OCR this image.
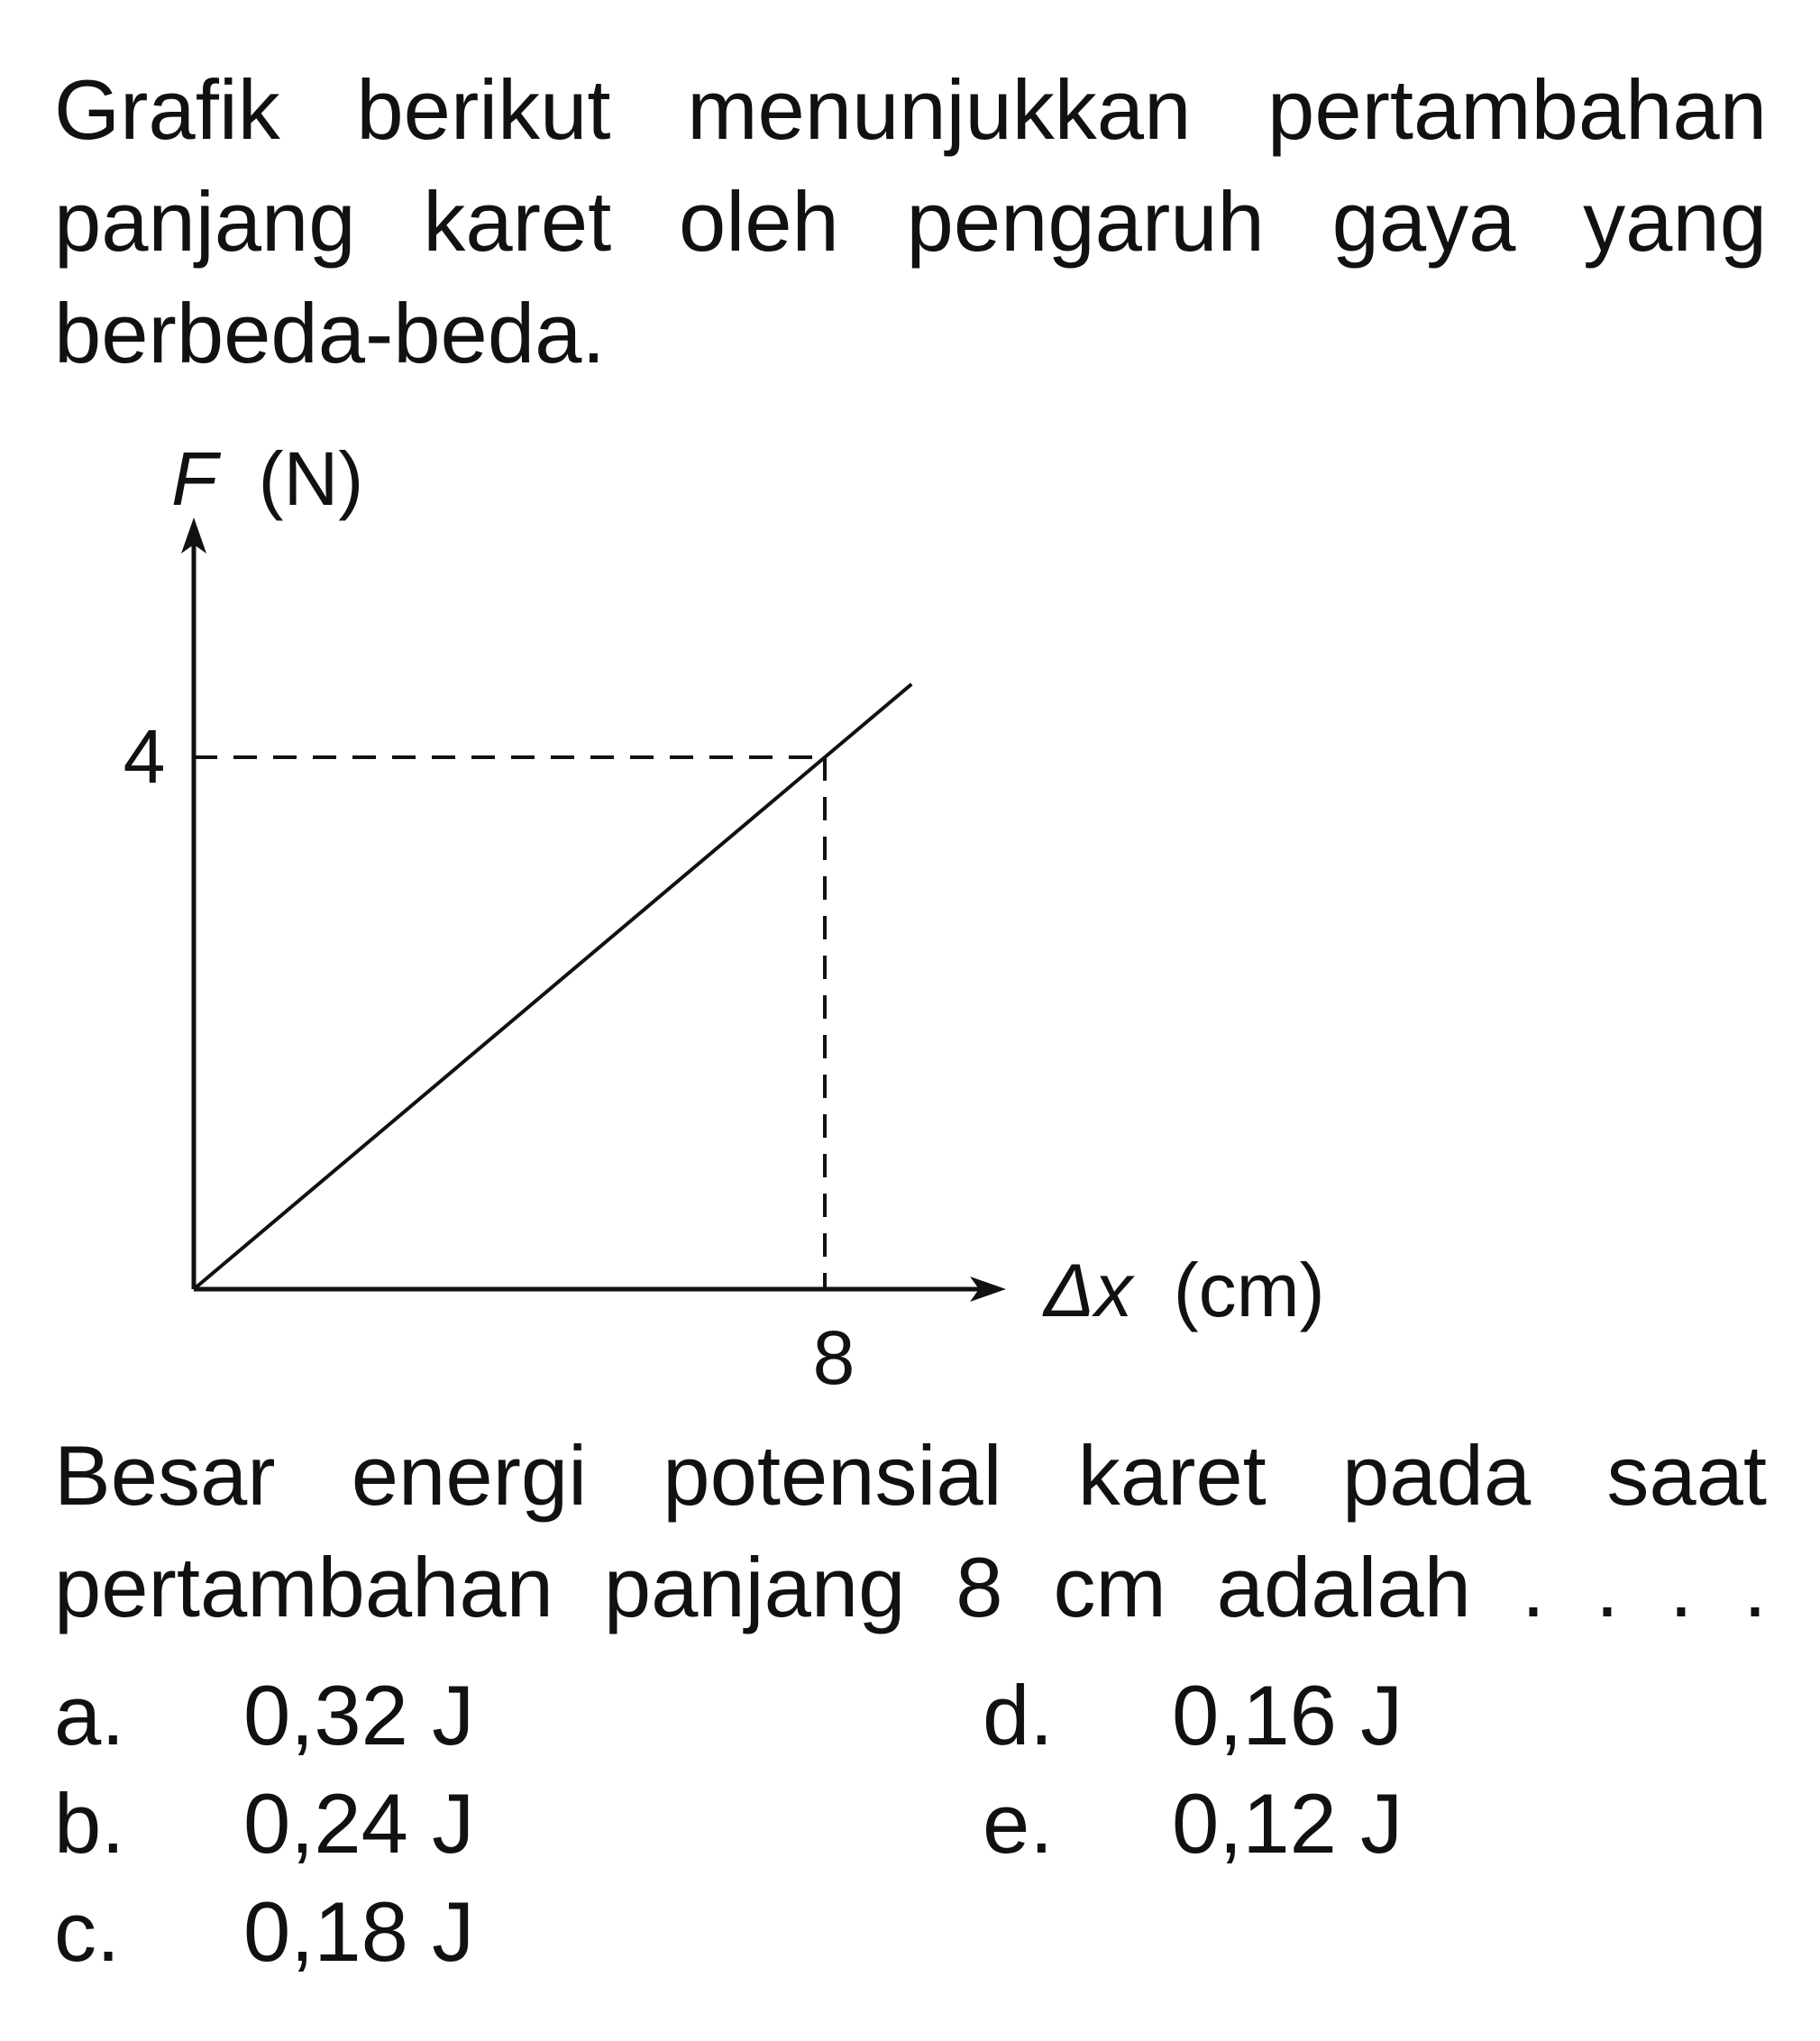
Grafik berikut menunjukkan pertambahan
panjang karet oleh pengaruh gaya yang
berbeda-beda.
4
8
F (N)
Δx (cm)
Besar energi potensial karet pada saat
pertambahan panjang 8 cm adalah . . . .
a. 0,32 J
b. 0,24 J
c. 0,18 J
d. 0,16 J
e. 0,12 J
